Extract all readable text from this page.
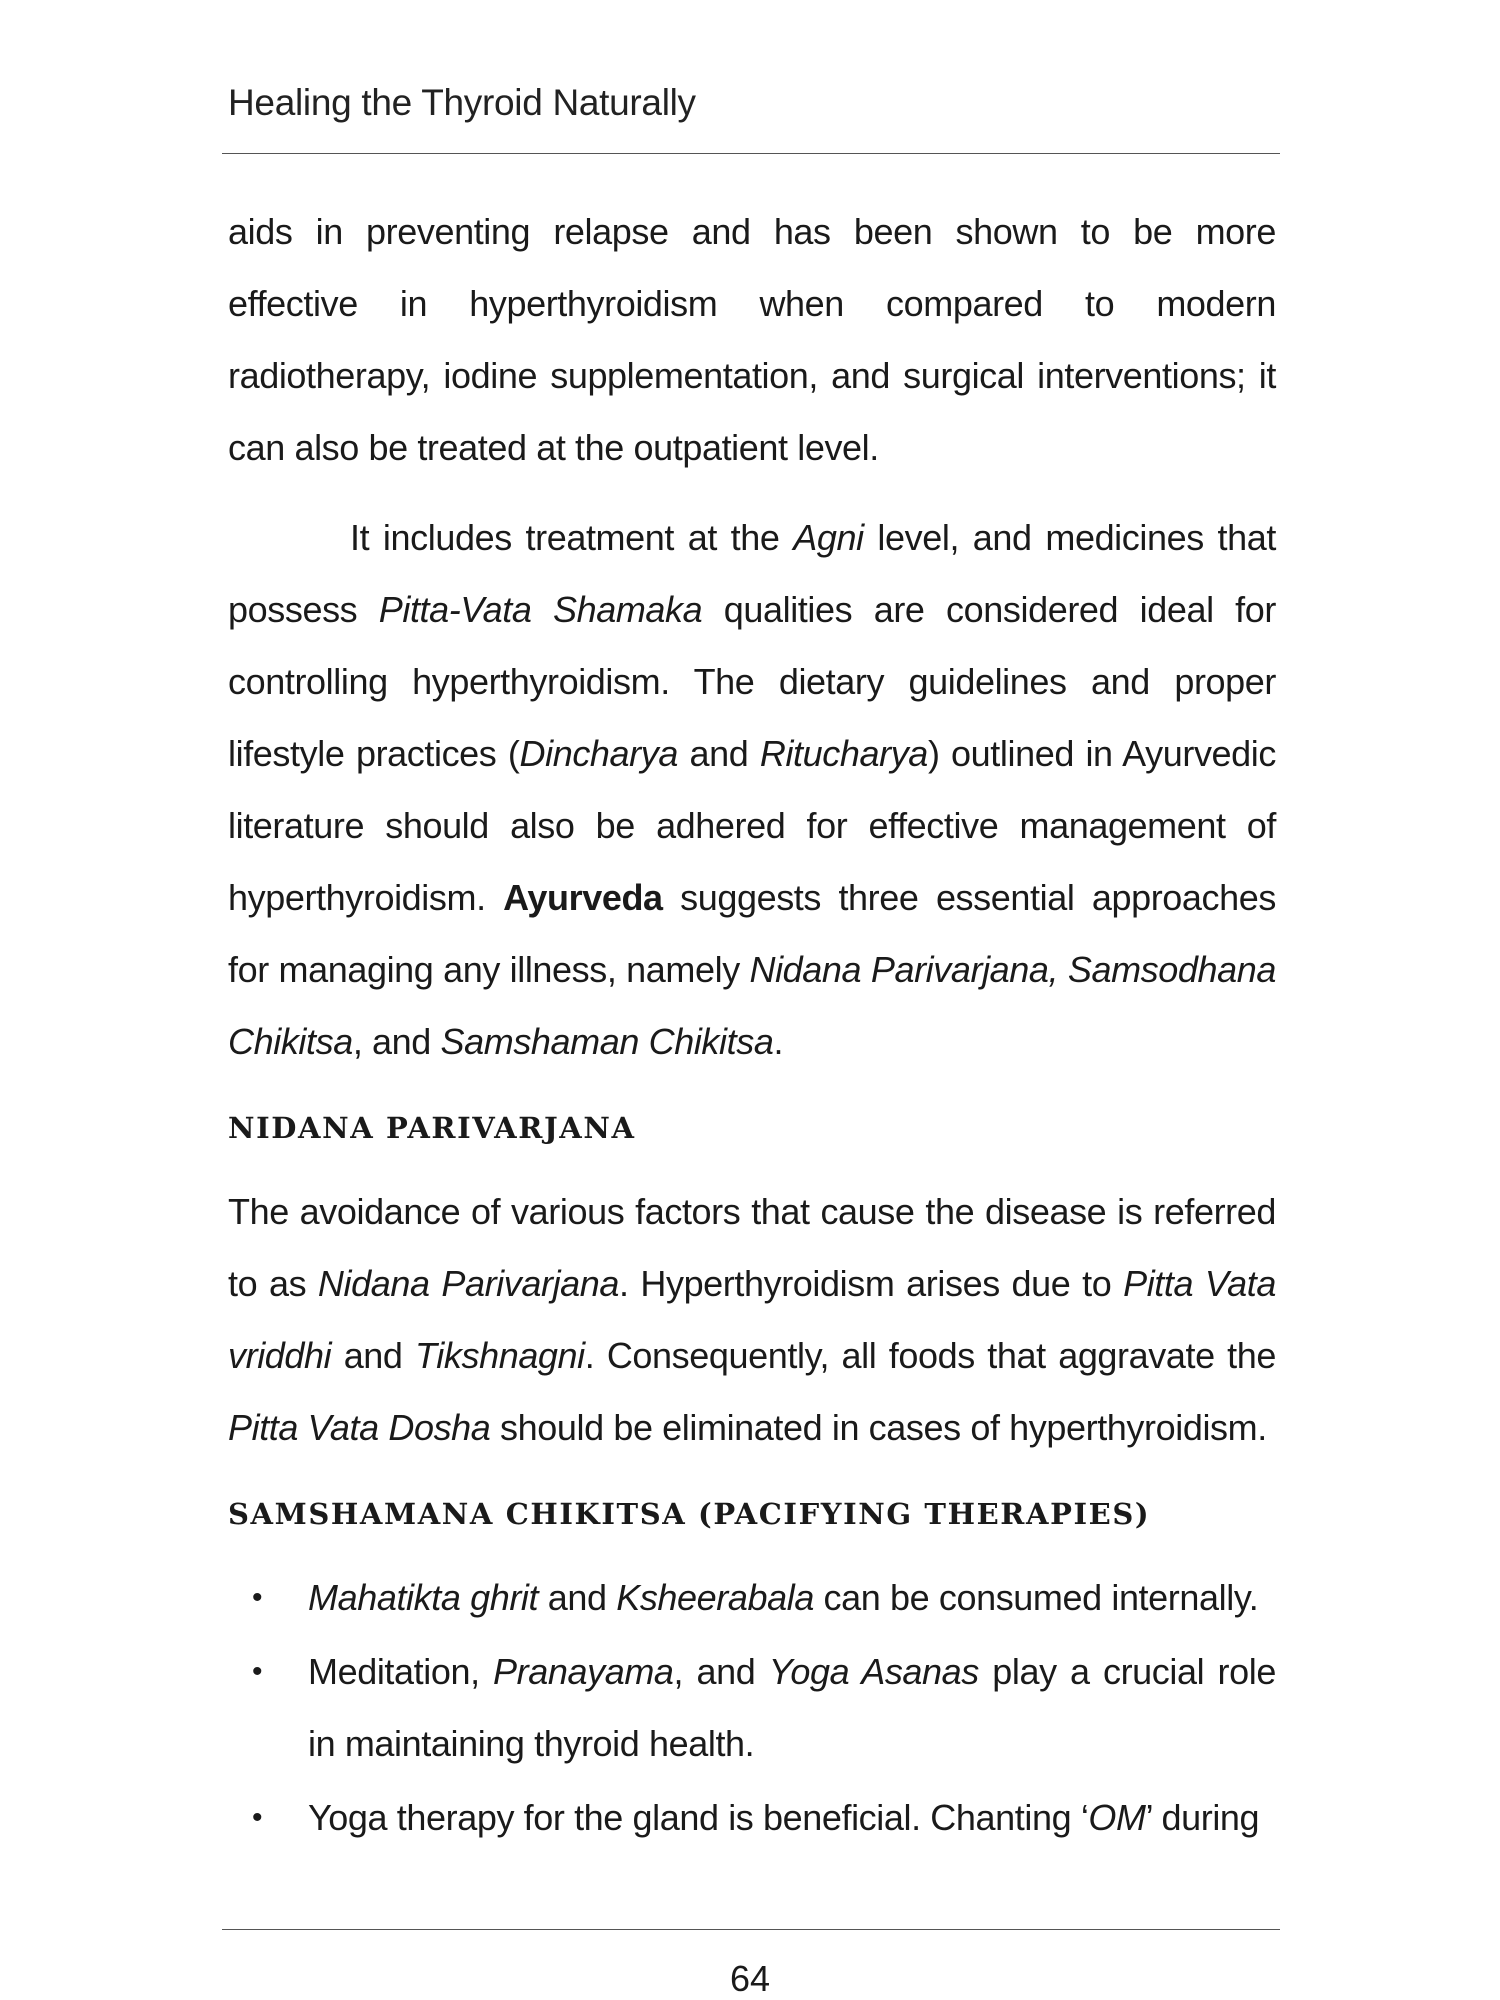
Healing the Thyroid Naturally

aids in preventing relapse and has been shown to be more effective in hyperthyroidism when compared to modern radiotherapy, iodine supplementation, and surgical interventions; it can also be treated at the outpatient level.

It includes treatment at the Agni level, and medicines that possess Pitta-Vata Shamaka qualities are considered ideal for controlling hyperthyroidism. The dietary guidelines and proper lifestyle practices (Dincharya and Ritucharya) outlined in Ayurvedic literature should also be adhered for effective management of hyperthyroidism. Ayurveda suggests three essential approaches for managing any illness, namely Nidana Parivarjana, Samsodhana Chikitsa, and Samshaman Chikitsa.

NIDANA PARIVARJANA

The avoidance of various factors that cause the disease is referred to as Nidana Parivarjana. Hyperthyroidism arises due to Pitta Vata vriddhi and Tikshnagni. Consequently, all foods that aggravate the Pitta Vata Dosha should be eliminated in cases of hyperthyroidism.

SAMSHAMANA CHIKITSA (PACIFYING THERAPIES)
• Mahatikta ghrit and Ksheerabala can be consumed internally.
• Meditation, Pranayama, and Yoga Asanas play a crucial role in maintaining thyroid health.
• Yoga therapy for the gland is beneficial. Chanting ‘OM’ during
64
